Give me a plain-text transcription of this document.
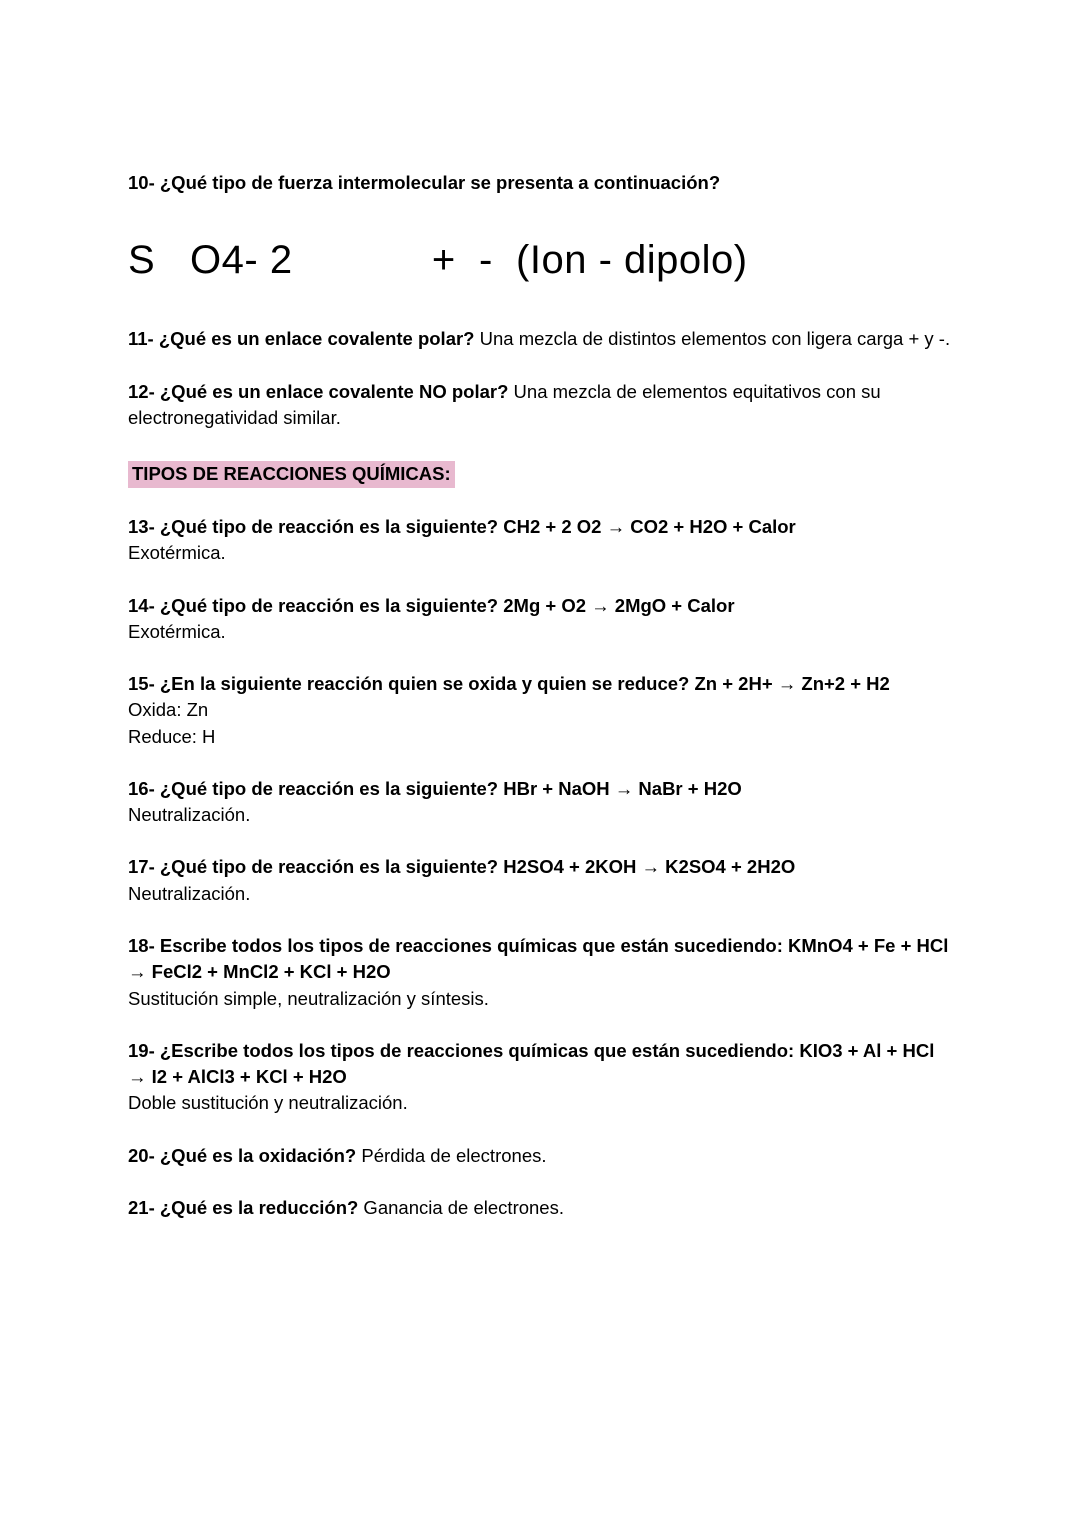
10- ¿Qué tipo de fuerza intermolecular se presenta a continuación?

S   O4- 2            +  -  (Ion - dipolo)

11- ¿Qué es un enlace covalente polar? Una mezcla de distintos elementos con ligera carga + y -.

12- ¿Qué es un enlace covalente NO polar? Una mezcla de elementos equitativos con su electronegatividad similar.

TIPOS DE REACCIONES QUÍMICAS:

13- ¿Qué tipo de reacción es la siguiente? CH2 + 2 O2 → CO2 + H2O + Calor

Exotérmica.

14- ¿Qué tipo de reacción es la siguiente? 2Mg + O2 → 2MgO + Calor

Exotérmica.

15- ¿En la siguiente reacción quien se oxida y quien se reduce? Zn + 2H+ → Zn+2 + H2

Oxida: Zn
Reduce: H

16- ¿Qué tipo de reacción es la siguiente? HBr + NaOH → NaBr + H2O

Neutralización.

17- ¿Qué tipo de reacción es la siguiente? H2SO4 + 2KOH → K2SO4 + 2H2O

Neutralización.

18- Escribe todos los tipos de reacciones químicas que están sucediendo: KMnO4 + Fe + HCl → FeCl2 + MnCl2 + KCl + H2O

Sustitución simple, neutralización y síntesis.

19- ¿Escribe todos los tipos de reacciones químicas que están sucediendo: KIO3 + Al + HCl → I2 + AlCl3 + KCl + H2O

Doble sustitución y neutralización.

20- ¿Qué es la oxidación? Pérdida de electrones.

21- ¿Qué es la reducción? Ganancia de electrones.
